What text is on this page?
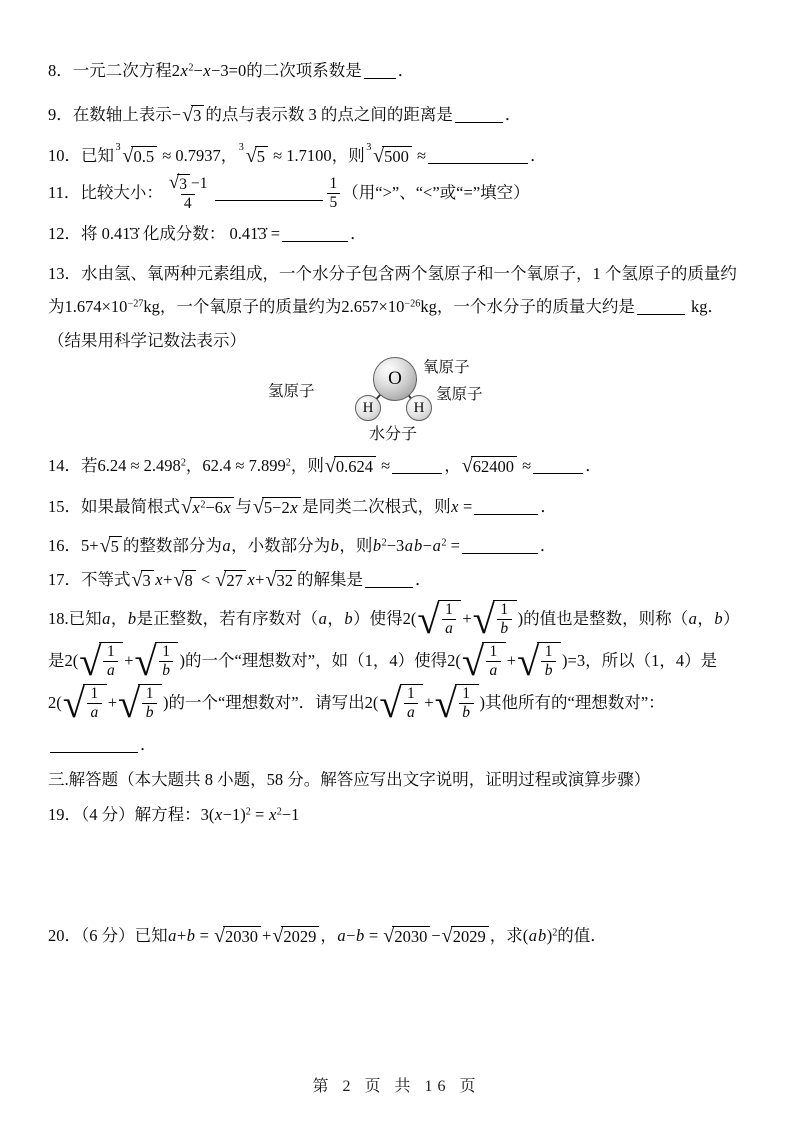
8．一元二次方程$2x^2-x-3=0$的二次项系数是 ．

9．在数轴上表示− √ 3 的点与表示数 3 的点之间的距离是	．

10．已知 3 √ 0.5 ≈ 0.7937， 3 √ 5 ≈ 1.7100，则 3 √ 500 ≈	．

11．比较大小： $\frac{√ 3 -1}{4}$	$\frac{1}{5}$ （用“>”、“<”或“=”填空）

12．将 0.41̇3̇ 化成分数： 0.41̇3̇ =	．

13．水由氢、氧两种元素组成，一个水分子包含两个氢原子和一个氧原子，1 个氢原子的质量约为$1.674\times 10^{-27}kg$，一个氧原子的质量约为$2.657\times 10^{-26}kg$，一个水分子的质量大约是	kg．（结果用科学记数法表示）

O
H	H
氧原子
氢原子	氢原子
水分子

14．若$6.24 \approx 2.498^2$，$62.4 \approx 7.899^2$，则 √ 0.624 ≈	， √ 62400 ≈	．

15．如果最简根式 √ $x^2-6x$ 与 √ 5−2x 是同类二次根式，则x =	．

16．5+ √ 5 的整数部分为a，小数部分为b，则$b^2-3ab-a^2$ =	．

17．不等式 √ 3 x+ √ 8 < √ 27 x+ √ 32 的解集是	．

18.已知a，b是正整数，若有序数对（a，b）使得2( √ $\frac{1}{a}$ + √ $\frac{1}{b}$ )的值也是整数，则称（a，b）是2( √ $\frac{1}{a}$ + √ $\frac{1}{b}$ )的一个“理想数对”，如（1，4）使得2( √ $\frac{1}{a}$ + √ $\frac{1}{b} )=3$，所以（1，4）是2( √ $\frac{1}{a}$ + √ $\frac{1}{b}$ )的一个“理想数对”．请写出2( √ $\frac{1}{a}$ + √ $\frac{1}{b}$ )其他所有的“理想数对”：．

三.解答题（本大题共 8 小题，58 分。解答应写出文字说明，证明过程或演算步骤）

19．（4 分）解方程：$3(x-1)^2 = x^2-1$

20．（6 分）已知a+b = √ 2030 + √ 2029 ，a−b = √ 2030 − √ 2029 ，求(ab)$^2$的值．

第 2 页 共 16 页
